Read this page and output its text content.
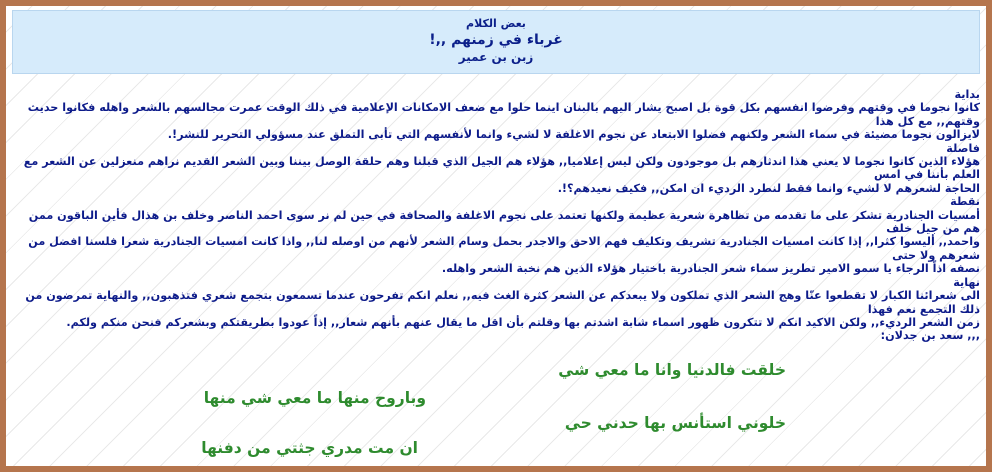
بعض الكلام
!,, غرباء في زمنهم
زبن بن عمير

بداية

كانوا نجوما في وقتهم وفرضوا انفسهم بكل قوة بل اصبح يشار اليهم بالبنان اينما حلوا مع ضعف الامكانات الإعلامية في ذلك الوقت عمرت مجالسهم بالشعر واهله فكانوا حديث وقتهم,, مع كل هذا

لايزالون نجوما مضيئة في سماء الشعر ولكنهم فضلوا الابتعاد عن نجوم الاغلفة لا لشيء وانما لأنفسهم التي تأبى التملق عند مسؤولي التحرير للنشر!.

فاصلة

هؤلاء الذين كانوا نجوما لا يعني هذا اندثارهم بل موجودون ولكن ليس إعلاميا,, هؤلاء هم الجيل الذي قبلنا وهم حلقة الوصل بيننا وبين الشعر القديم نراهم منعزلين عن الشعر مع العلم بأننا في امس

الحاجة لشعرهم لا لشيء وانما فقط لنطرد الرديء ان امكن,, فكيف نعيدهم؟!.

نقطة

أمسيات الجنادرية تشكر على ما تقدمه من تظاهرة شعرية عظيمة ولكنها تعتمد على نجوم الاغلفة والصحافة في حين لم نر سوى احمد الناصر وخلف بن هذال فأين الباقون ممن هم من جيل خلف

واحمد,, أليسوا كثرا,, إذا كانت امسيات الجنادرية تشريف وتكليف فهم الاحق والاجدر بحمل وسام الشعر لأنهم من اوصله لنا,, واذا كانت امسيات الجنادرية شعرا فلسنا افضل من شعرهم ولا حتى

نصفه اذاً الرجاء يا سمو الامير تطريز سماء شعر الجنادرية باختيار هؤلاء الذين هم نخبة الشعر واهله.

نهاية

الى شعرائنا الكبار لا تقطعوا عنّا وهج الشعر الذي تملكون ولا يبعدكم عن الشعر كثرة الغث فيه,, نعلم انكم تفرحون عندما تسمعون بتجمع شعري فتذهبون,, والنهاية تمرضون من ذلك التجمع نعم فهذا

زمن الشعر الرديء,, ولكن الاكيد انكم لا تتكرون ظهور اسماء شابة اشدتم بها وقلتم بأن اقل ما يقال عنهم بأنهم شعار,, إذاً عودوا بطريقتكم وبشعركم فنحن منكم ولكم.

,,, سعد بن جدلان:

خلقت فالدنيا وانا ما معي شي
وباروح منها ما معي شي منها
خلوني استأنس بها حدني حي
ان مت مدري جثتي من دفنها
